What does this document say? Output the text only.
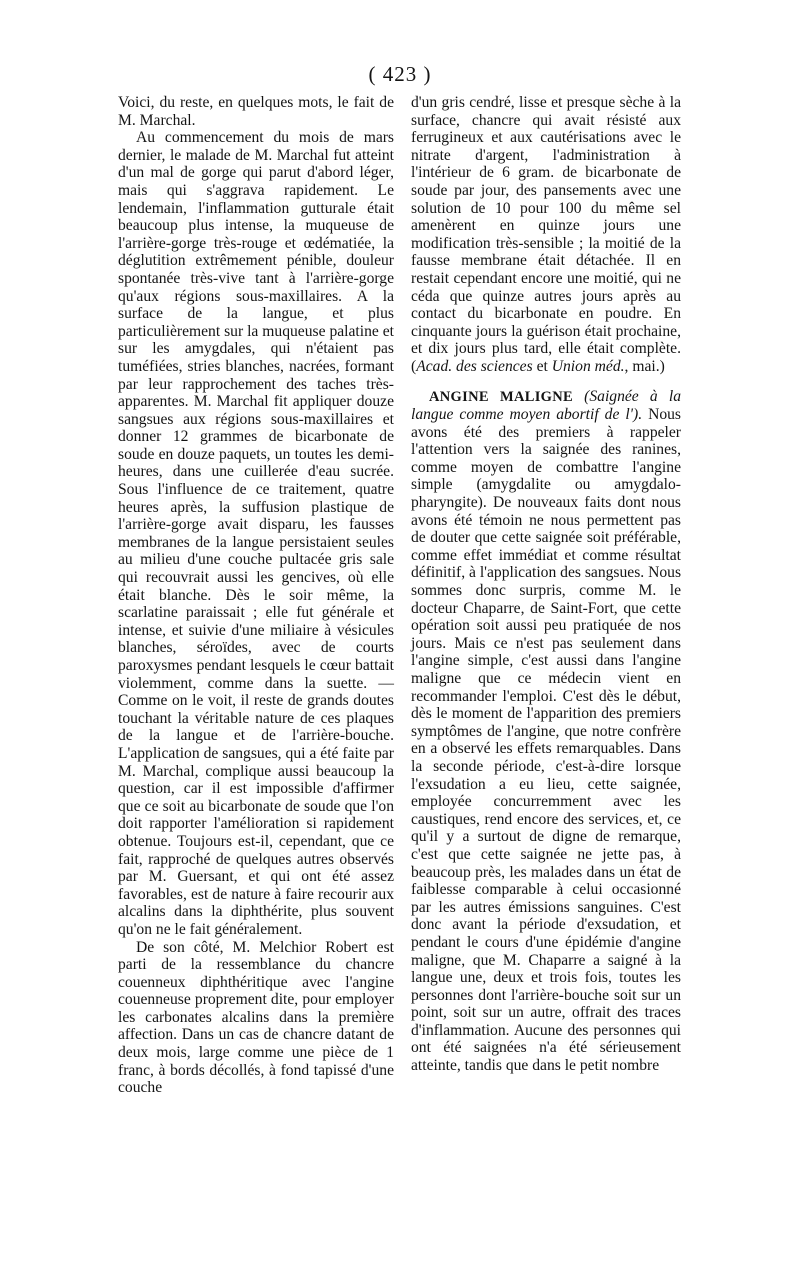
( 423 )

Voici, du reste, en quelques mots, le fait de M. Marchal.

Au commencement du mois de mars dernier, le malade de M. Marchal fut atteint d'un mal de gorge qui parut d'abord léger, mais qui s'aggrava rapidement. Le lendemain, l'inflammation gutturale était beaucoup plus intense, la muqueuse de l'arrière-gorge très-rouge et œdématiée, la déglutition extrêmement pénible, douleur spontanée très-vive tant à l'arrière-gorge qu'aux régions sous-maxillaires. A la surface de la langue, et plus particulièrement sur la muqueuse palatine et sur les amygdales, qui n'étaient pas tuméfiées, stries blanches, nacrées, formant par leur rapprochement des taches très-apparentes. M. Marchal fit appliquer douze sangsues aux régions sous-maxillaires et donner 12 grammes de bicarbonate de soude en douze paquets, un toutes les demi-heures, dans une cuillerée d'eau sucrée. Sous l'influence de ce traitement, quatre heures après, la suffusion plastique de l'arrière-gorge avait disparu, les fausses membranes de la langue persistaient seules au milieu d'une couche pultacée gris sale qui recouvrait aussi les gencives, où elle était blanche. Dès le soir même, la scarlatine paraissait ; elle fut générale et intense, et suivie d'une miliaire à vésicules blanches, séroïdes, avec de courts paroxysmes pendant lesquels le cœur battait violemment, comme dans la suette. — Comme on le voit, il reste de grands doutes touchant la véritable nature de ces plaques de la langue et de l'arrière-bouche. L'application de sangsues, qui a été faite par M. Marchal, complique aussi beaucoup la question, car il est impossible d'affirmer que ce soit au bicarbonate de soude que l'on doit rapporter l'amélioration si rapidement obtenue. Toujours est-il, cependant, que ce fait, rapproché de quelques autres observés par M. Guersant, et qui ont été assez favorables, est de nature à faire recourir aux alcalins dans la diphthérite, plus souvent qu'on ne le fait généralement.

De son côté, M. Melchior Robert est parti de la ressemblance du chancre couenneux diphthéritique avec l'angine couenneuse proprement dite, pour employer les carbonates alcalins dans la première affection. Dans un cas de chancre datant de deux mois, large comme une pièce de 1 franc, à bords décollés, à fond tapissé d'une couche

d'un gris cendré, lisse et presque sèche à la surface, chancre qui avait résisté aux ferrugineux et aux cautérisations avec le nitrate d'argent, l'administration à l'intérieur de 6 gram. de bicarbonate de soude par jour, des pansements avec une solution de 10 pour 100 du même sel amenèrent en quinze jours une modification très-sensible ; la moitié de la fausse membrane était détachée. Il en restait cependant encore une moitié, qui ne céda que quinze autres jours après au contact du bicarbonate en poudre. En cinquante jours la guérison était prochaine, et dix jours plus tard, elle était complète. (Acad. des sciences et Union méd., mai.)

ANGINE MALIGNE (Saignée à la langue comme moyen abortif de l'). Nous avons été des premiers à rappeler l'attention vers la saignée des ranines, comme moyen de combattre l'angine simple (amygdalite ou amygdalo-pharyngite). De nouveaux faits dont nous avons été témoin ne nous permettent pas de douter que cette saignée soit préférable, comme effet immédiat et comme résultat définitif, à l'application des sangsues. Nous sommes donc surpris, comme M. le docteur Chaparre, de Saint-Fort, que cette opération soit aussi peu pratiquée de nos jours. Mais ce n'est pas seulement dans l'angine simple, c'est aussi dans l'angine maligne que ce médecin vient en recommander l'emploi. C'est dès le début, dès le moment de l'apparition des premiers symptômes de l'angine, que notre confrère en a observé les effets remarquables. Dans la seconde période, c'est-à-dire lorsque l'exsudation a eu lieu, cette saignée, employée concurremment avec les caustiques, rend encore des services, et, ce qu'il y a surtout de digne de remarque, c'est que cette saignée ne jette pas, à beaucoup près, les malades dans un état de faiblesse comparable à celui occasionné par les autres émissions sanguines. C'est donc avant la période d'exsudation, et pendant le cours d'une épidémie d'angine maligne, que M. Chaparre a saigné à la langue une, deux et trois fois, toutes les personnes dont l'arrière-bouche soit sur un point, soit sur un autre, offrait des traces d'inflammation. Aucune des personnes qui ont été saignées n'a été sérieusement atteinte, tandis que dans le petit nombre
